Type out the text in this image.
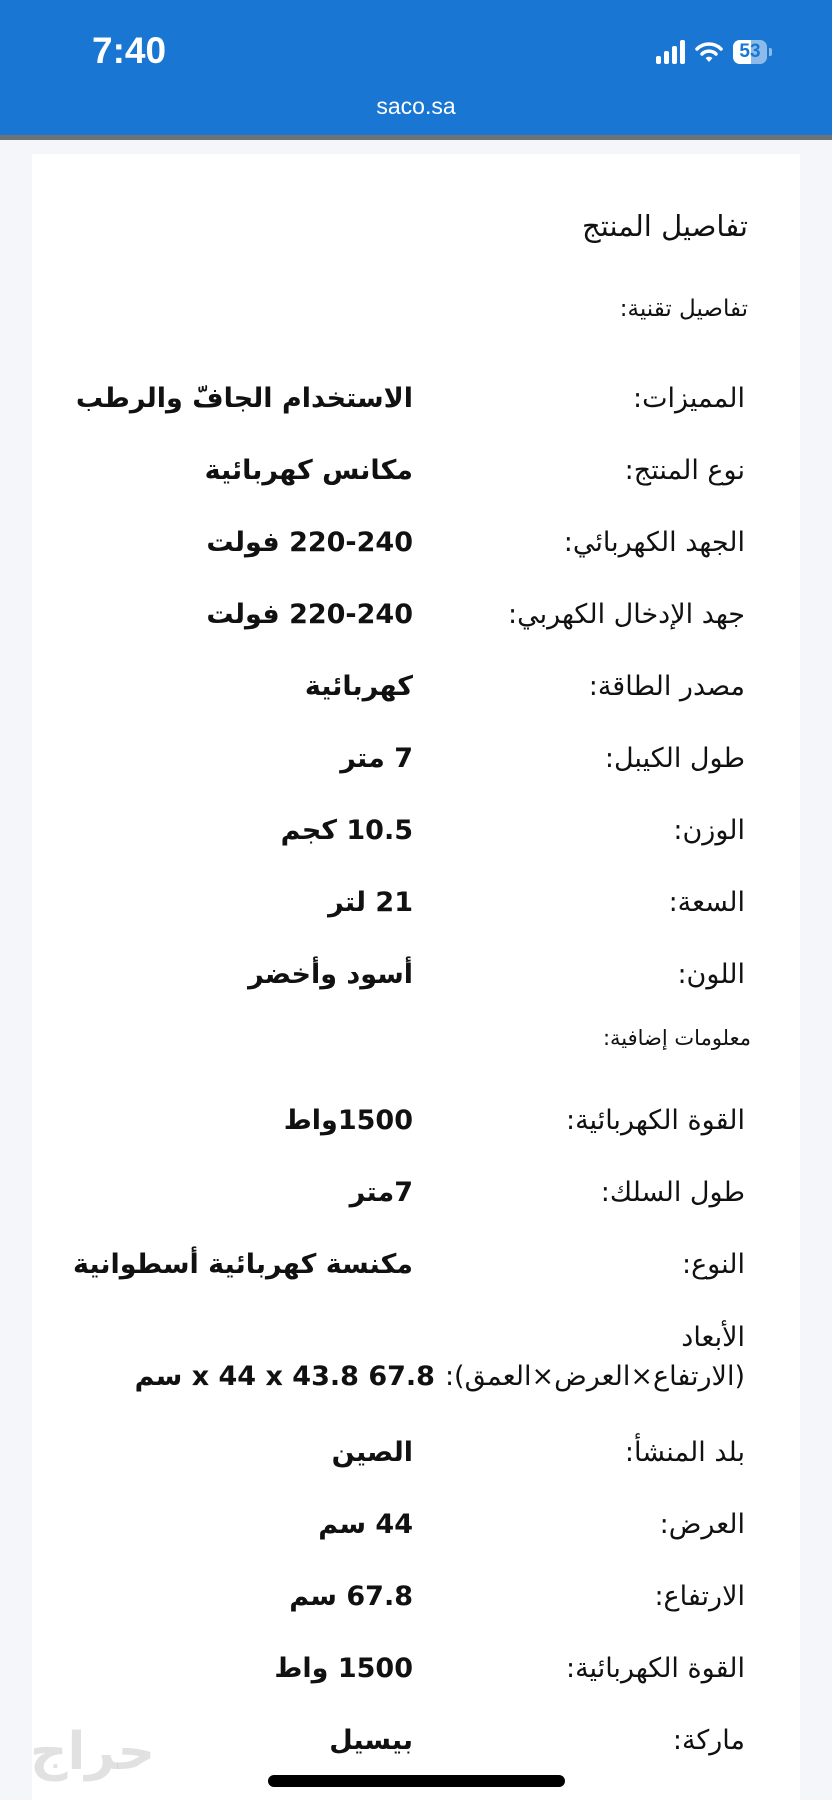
7:40	53
saco.sa
تفاصيل المنتج
تفاصيل تقنية:
المميزات:
الاستخدام الجافّ والرطب
نوع المنتج:
مكانس كهربائية
الجهد الكهربائي:
220-240 فولت
جهد الإدخال الكهربي:
220-240 فولت
مصدر الطاقة:
كهربائية
طول الكيبل:
7 متر
الوزن:
10.5 كجم
السعة:
21 لتر
اللون:
أسود وأخضر
معلومات إضافية:
القوة الكهربائية:
1500واط
طول السلك:
7متر
النوع:
مكنسة كهربائية أسطوانية
الأبعاد
(الارتفاع×العرض×العمق):
67.8 x 44 x 43.8 سم
بلد المنشأ:
الصين
العرض:
44 سم
الارتفاع:
67.8 سم
القوة الكهربائية:
1500 واط
ماركة:
بيسيل
حراج
